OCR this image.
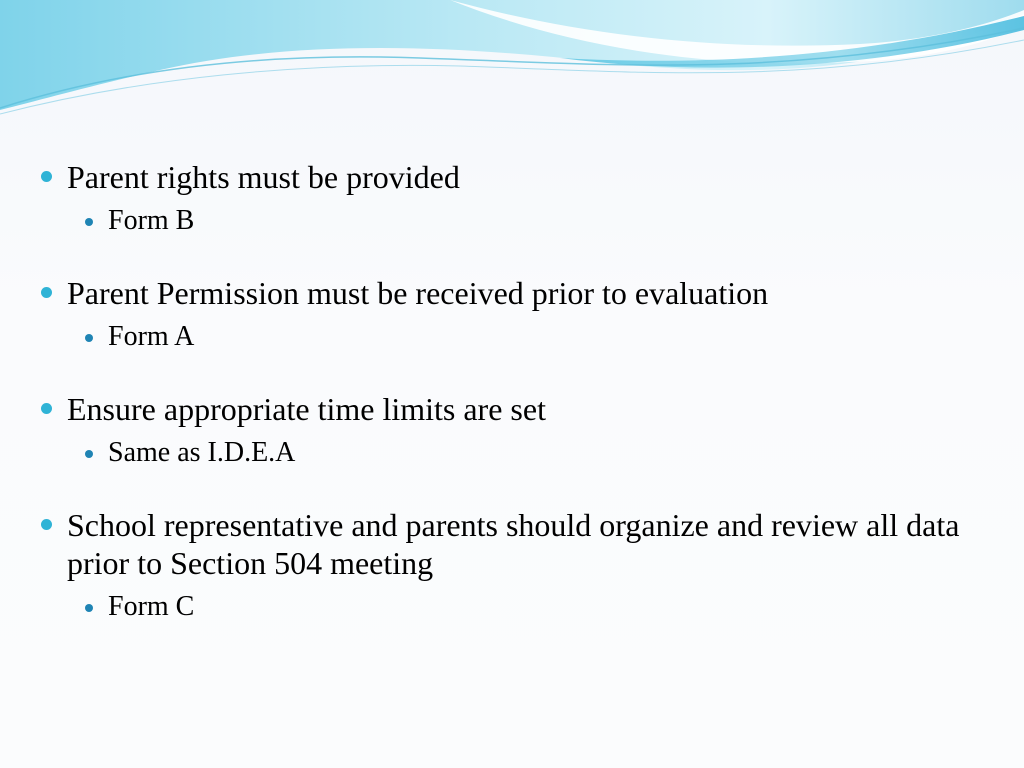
Parent rights must be provided

Form B

Parent Permission must be received prior to evaluation

Form A

Ensure appropriate time limits are set

Same as I.D.E.A

School representative and parents should organize and review all data prior to Section 504 meeting

Form C
